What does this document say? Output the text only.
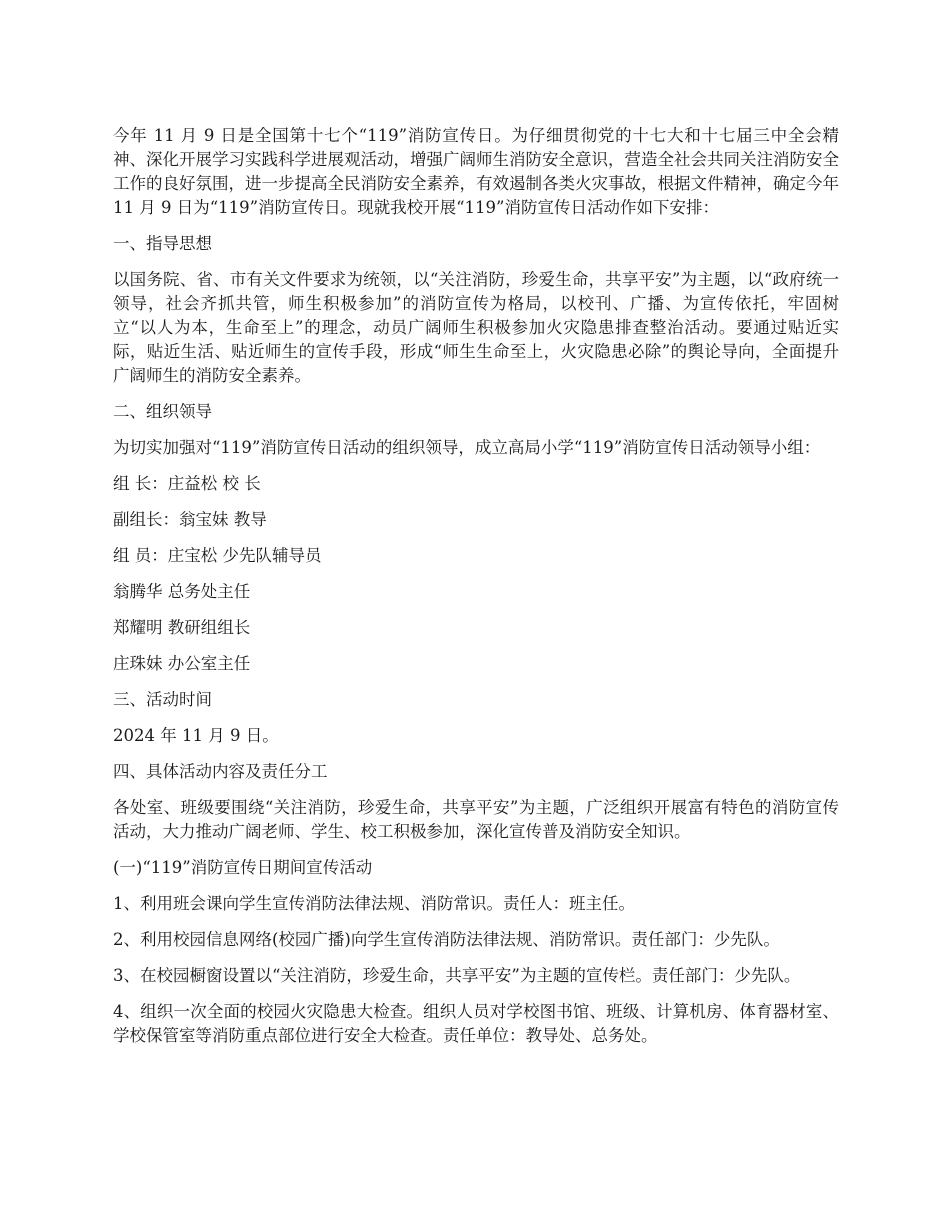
今年 11 月 9 日是全国第十七个“119”消防宣传日。为仔细贯彻党的十七大和十七届三中全会精神、深化开展学习实践科学进展观活动，增强广阔师生消防安全意识，营造全社会共同关注消防安全工作的良好氛围，进一步提高全民消防安全素养，有效遏制各类火灾事故，根据文件精神，确定今年 11 月 9 日为“119”消防宣传日。现就我校开展“119”消防宣传日活动作如下安排：

一、指导思想

以国务院、省、市有关文件要求为统领，以“关注消防，珍爱生命，共享平安”为主题，以“政府统一领导，社会齐抓共管，师生积极参加”的消防宣传为格局，以校刊、广播、为宣传依托，牢固树立“以人为本，生命至上”的理念，动员广阔师生积极参加火灾隐患排查整治活动。要通过贴近实际，贴近生活、贴近师生的宣传手段，形成“师生生命至上，火灾隐患必除”的舆论导向，全面提升广阔师生的消防安全素养。

二、组织领导

为切实加强对“119”消防宣传日活动的组织领导，成立高局小学“119”消防宣传日活动领导小组：

组 长：庄益松 校 长

副组长：翁宝妹 教导

组 员：庄宝松 少先队辅导员

翁腾华 总务处主任

郑耀明 教研组组长

庄珠妹 办公室主任

三、活动时间

2024 年 11 月 9 日。

四、具体活动内容及责任分工

各处室、班级要围绕“关注消防，珍爱生命，共享平安”为主题，广泛组织开展富有特色的消防宣传活动，大力推动广阔老师、学生、校工积极参加，深化宣传普及消防安全知识。

(一)“119”消防宣传日期间宣传活动

1、利用班会课向学生宣传消防法律法规、消防常识。责任人：班主任。

2、利用校园信息网络(校园广播)向学生宣传消防法律法规、消防常识。责任部门：少先队。

3、在校园橱窗设置以“关注消防，珍爱生命，共享平安”为主题的宣传栏。责任部门：少先队。

4、组织一次全面的校园火灾隐患大检查。组织人员对学校图书馆、班级、计算机房、体育器材室、学校保管室等消防重点部位进行安全大检查。责任单位：教导处、总务处。
